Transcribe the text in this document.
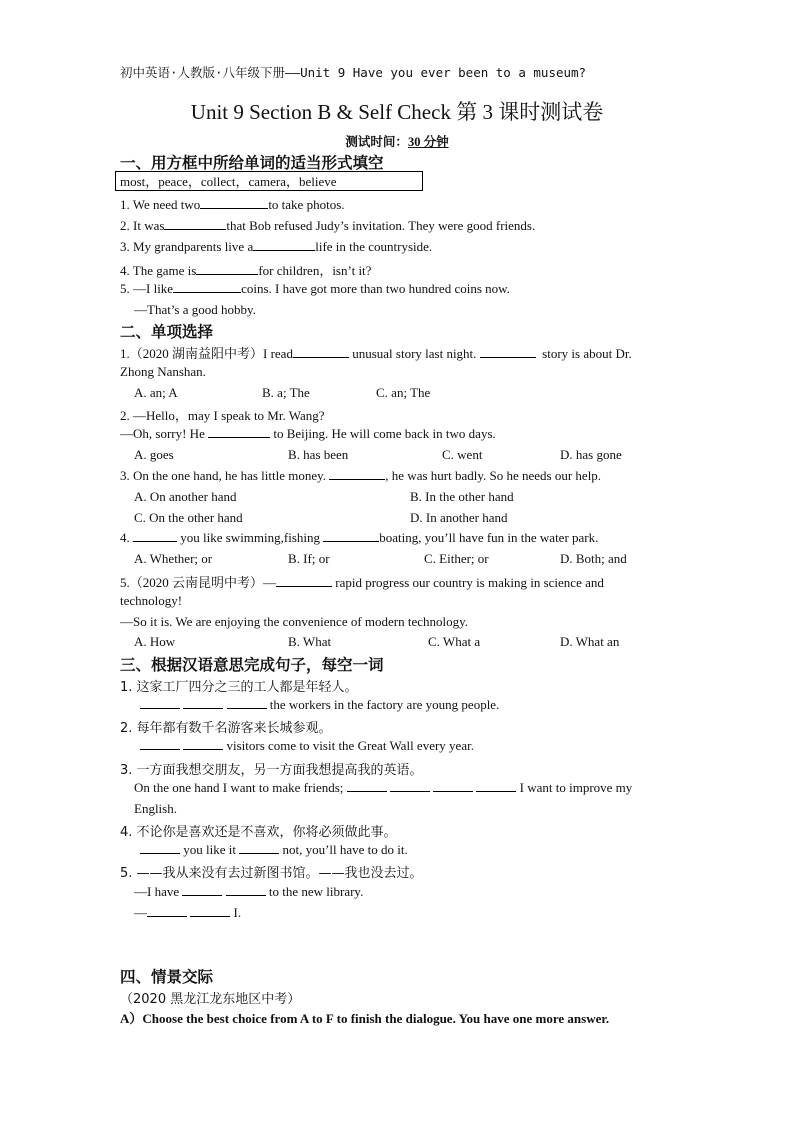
初中英语·人教版·八年级下册——Unit 9 Have you ever been to a museum?
Unit 9 Section B & Self Check 第 3 课时测试卷
测试时间：30 分钟
一、用方框中所给单词的适当形式填空
most，peace，collect，camera，believe
1. We need two	to take photos.
2. It was	that Bob refused Judy’s invitation. They were good friends.
3. My grandparents live a	life in the countryside.
4. The game is	for children，isn’t it?
5. —I like	coins. I have got more than two hundred coins now.
—That’s a good hobby.
二、单项选择
1.（2020 湖南益阳中考）I read	unusual story last night.	story is about Dr.
Zhong Nanshan.
A. an; A	B. a; The	C. an; The
2. —Hello，may I speak to Mr. Wang?
—Oh, sorry! He	to Beijing. He will come back in two days.
A. goes	B. has been	C. went	D. has gone
3. On the one hand, he has little money.	, he was hurt badly. So he needs our help.
A. On another hand	B. In the other hand
C. On the other hand	D. In another hand
4.	you like swimming,fishing	boating, you’ll have fun in the water park.
A. Whether; or	B. If; or	C. Either; or	D. Both; and
5.（2020 云南昆明中考）—	rapid progress our country is making in science and
technology!
—So it is. We are enjoying the convenience of modern technology.
A. How	B. What	C. What a	D. What an
三、根据汉语意思完成句子，每空一词
1. 这家工厂四分之三的工人都是年轻人。
the workers in the factory are young people.
2. 每年都有数千名游客来长城参观。
visitors come to visit the Great Wall every year.
3. 一方面我想交朋友，另一方面我想提高我的英语。
On the one hand I want to make friends;	I want to improve my
English.
4. 不论你是喜欢还是不喜欢，你将必须做此事。
you like it	not, you’ll have to do it.
5. ——我从来没有去过新图书馆。——我也没去过。
—I have	to the new library.
—	I.
四、情景交际
（2020 黑龙江龙东地区中考）
A）Choose the best choice from A to F to finish the dialogue. You have one more answer.
